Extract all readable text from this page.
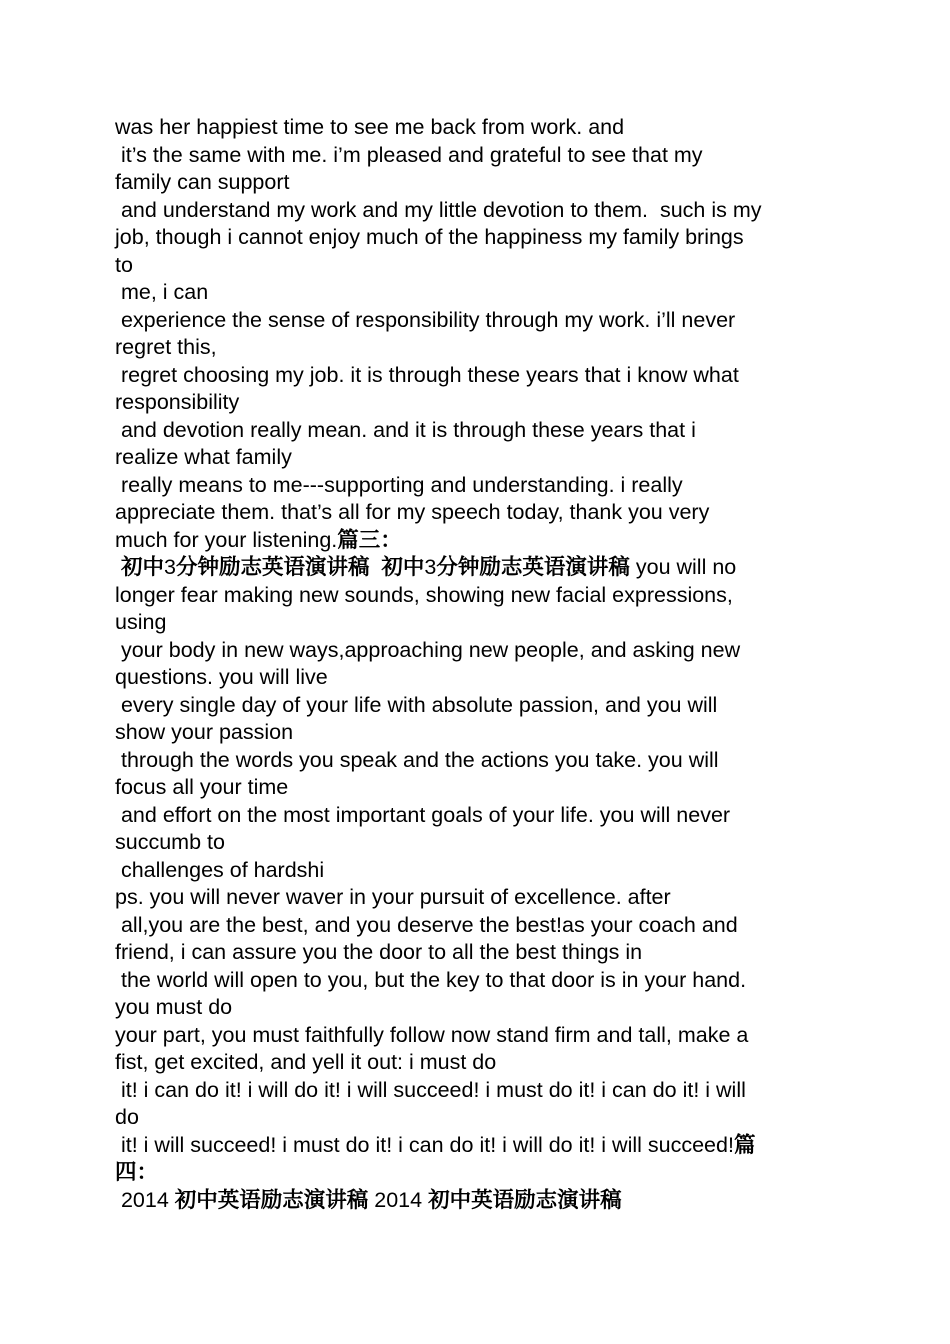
was her happiest time to see me back from work. and
it’s the same with me. i’m pleased and grateful to see that my
family can support
and understand my work and my little devotion to them.  such is my
job, though i cannot enjoy much of the happiness my family brings
to
me, i can
experience the sense of responsibility through my work. i’ll never
regret this,
regret choosing my job. it is through these years that i know what
responsibility
and devotion really mean. and it is through these years that i
realize what family
really means to me---supporting and understanding. i really
appreciate them. that’s all for my speech today, thank you very
much for your listening.篇三：
初中3分钟励志英语演讲稿  初中3分钟励志英语演讲稿 you will no
longer fear making new sounds, showing new facial expressions,
using
your body in new ways,approaching new people, and asking new
questions. you will live
every single day of your life with absolute passion, and you will
show your passion
through the words you speak and the actions you take. you will
focus all your time
and effort on the most important goals of your life. you will never
succumb to
challenges of hardshi
ps. you will never waver in your pursuit of excellence. after
all,you are the best, and you deserve the best!as your coach and
friend, i can assure you the door to all the best things in
the world will open to you, but the key to that door is in your hand.
you must do
your part, you must faithfully follow now stand firm and tall, make a
fist, get excited, and yell it out: i must do
it! i can do it! i will do it! i will succeed! i must do it! i can do it! i will
do
it! i will succeed! i must do it! i can do it! i will do it! i will succeed!篇
四：
2014 初中英语励志演讲稿 2014 初中英语励志演讲稿
